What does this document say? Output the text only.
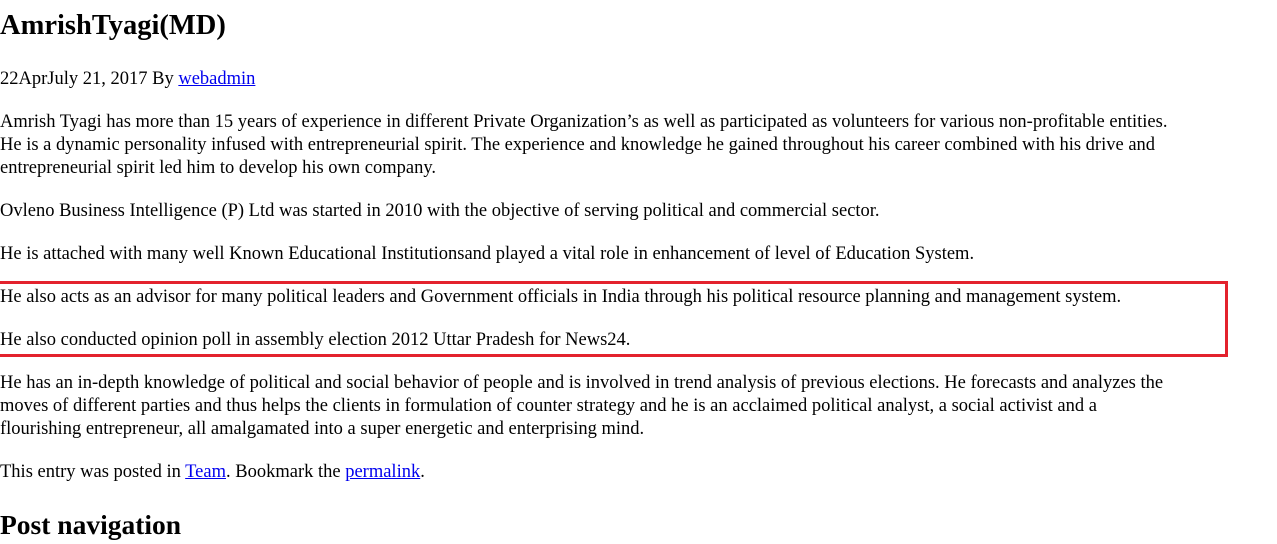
AmrishTyagi(MD)

22AprJuly 21, 2017 By webadmin

Amrish Tyagi has more than 15 years of experience in different Private Organization’s as well as participated as volunteers for various non-profitable entities.
He is a dynamic personality infused with entrepreneurial spirit. The experience and knowledge he gained throughout his career combined with his drive and
entrepreneurial spirit led him to develop his own company.

Ovleno Business Intelligence (P) Ltd was started in 2010 with the objective of serving political and commercial sector.

He is attached with many well Known Educational Institutionsand played a vital role in enhancement of level of Education System.

He also acts as an advisor for many political leaders and Government officials in India through his political resource planning and management system.

He also conducted opinion poll in assembly election 2012 Uttar Pradesh for News24.

He has an in-depth knowledge of political and social behavior of people and is involved in trend analysis of previous elections. He forecasts and analyzes the
moves of different parties and thus helps the clients in formulation of counter strategy and he is an acclaimed political analyst, a social activist and a
flourishing entrepreneur, all amalgamated into a super energetic and enterprising mind.

This entry was posted in Team. Bookmark the permalink.

Post navigation
